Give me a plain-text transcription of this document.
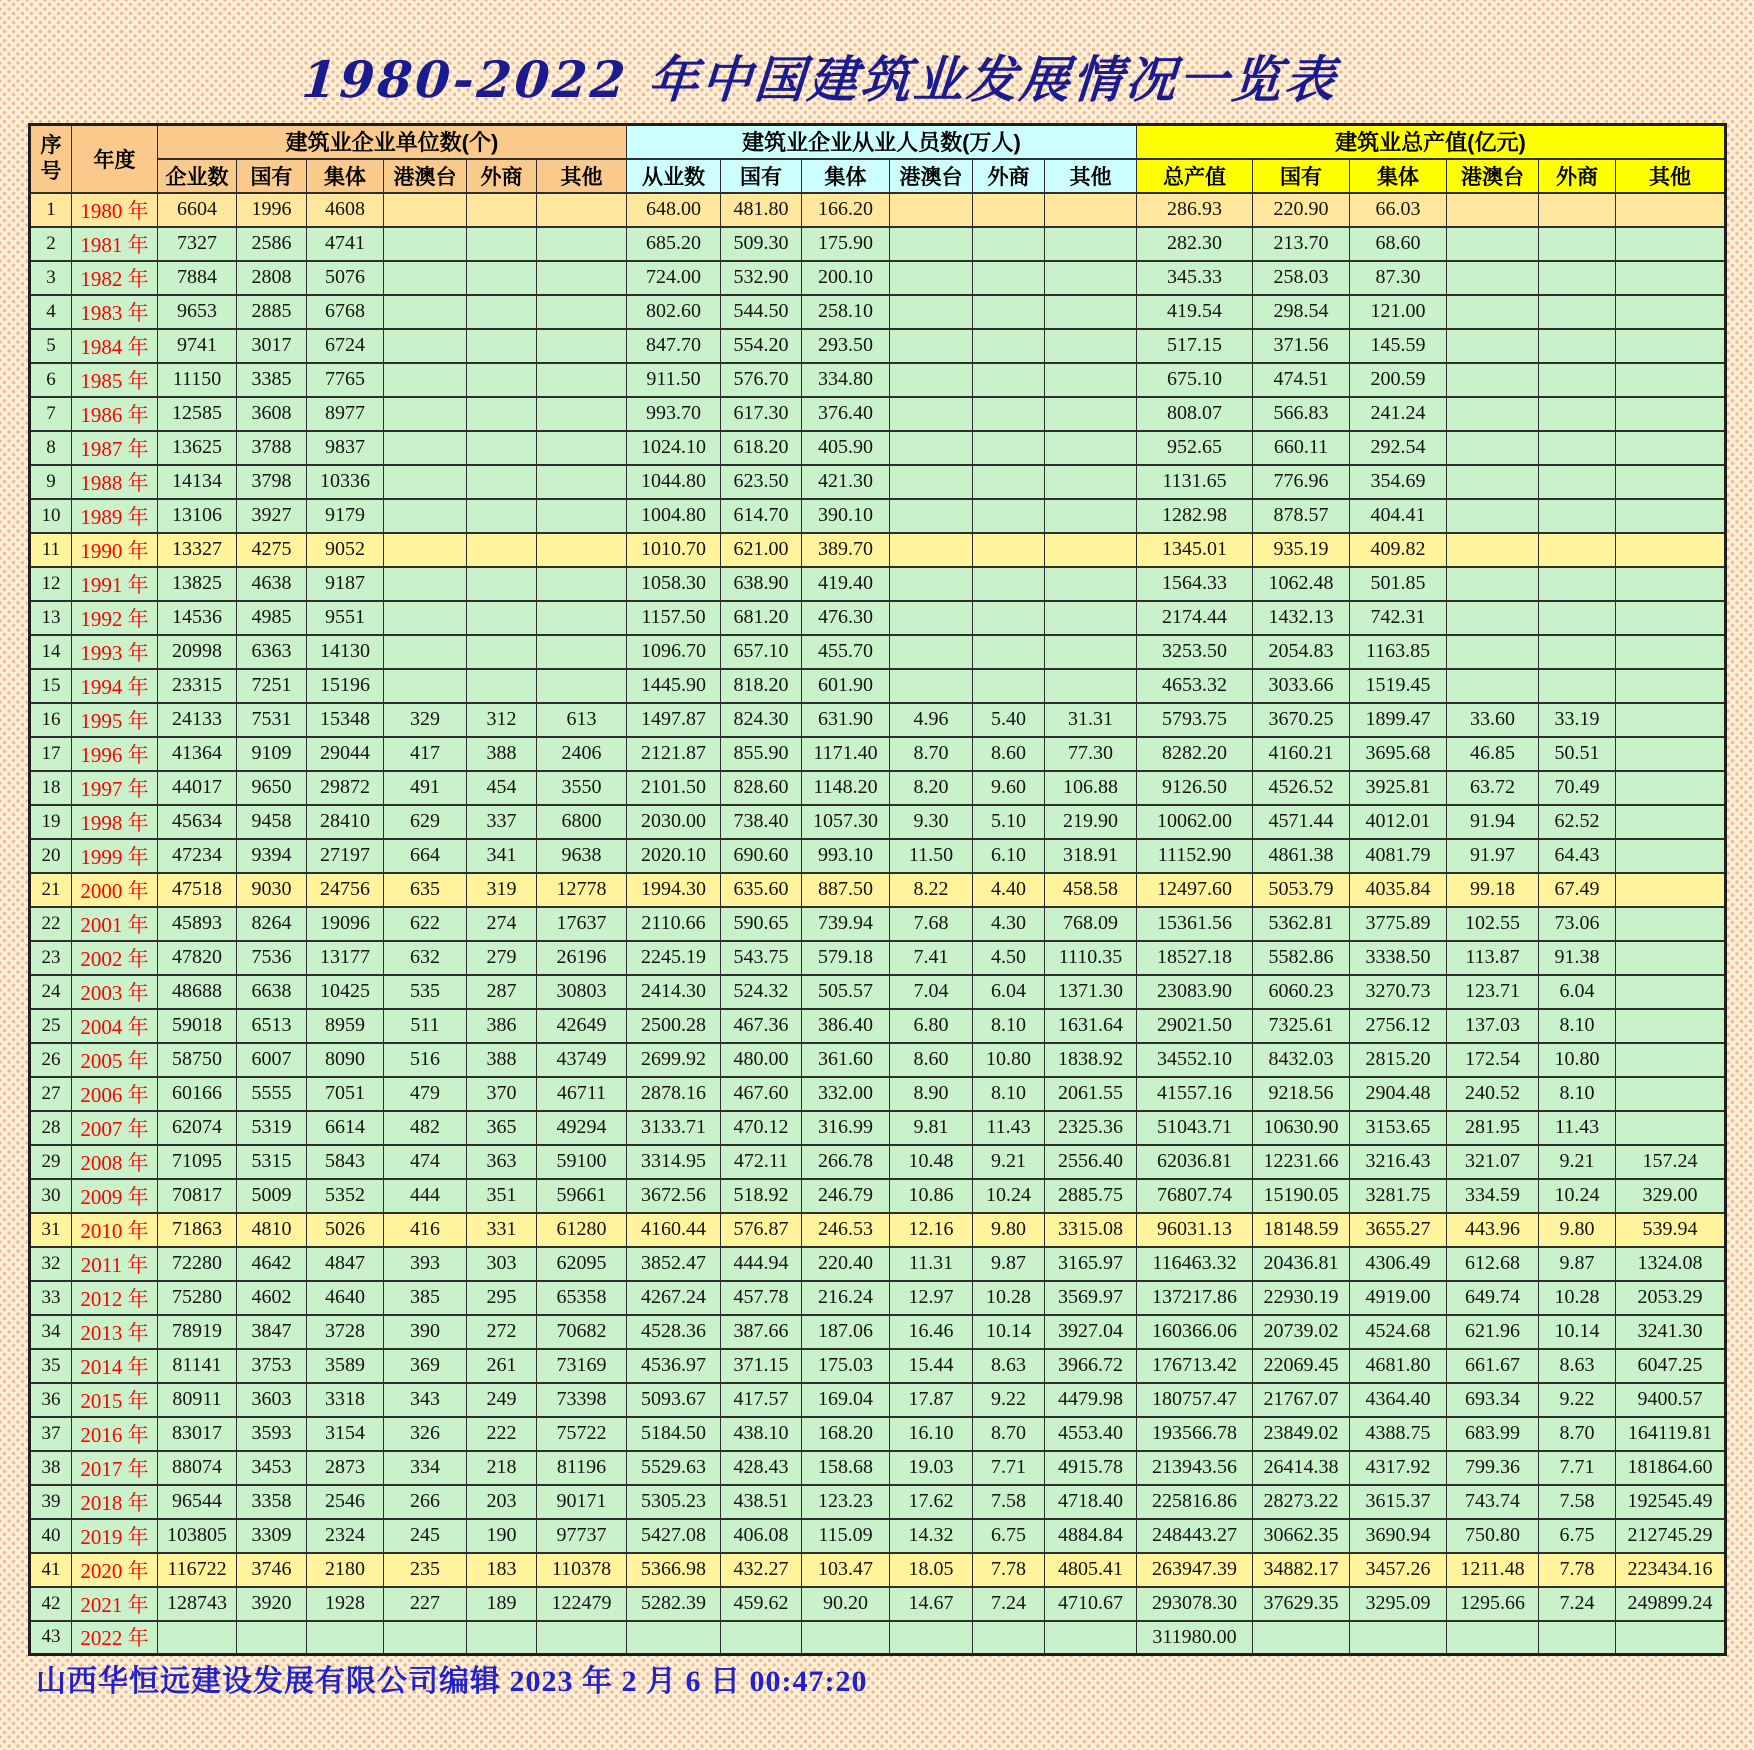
1980-2022 年中国建筑业发展情况一览表
序号	年度	建筑业企业单位数(个)						建筑业企业从业人员数(万人)						建筑业总产值(亿元)					
		企业数	国有	集体	港澳台	外商	其他	从业数	国有	集体	港澳台	外商	其他	总产值	国有	集体	港澳台	外商	其他
1	1980 年	6604	1996	4608				648.00	481.80	166.20				286.93	220.90	66.03			
2	1981 年	7327	2586	4741				685.20	509.30	175.90				282.30	213.70	68.60			
3	1982 年	7884	2808	5076				724.00	532.90	200.10				345.33	258.03	87.30			
4	1983 年	9653	2885	6768				802.60	544.50	258.10				419.54	298.54	121.00			
5	1984 年	9741	3017	6724				847.70	554.20	293.50				517.15	371.56	145.59			
6	1985 年	11150	3385	7765				911.50	576.70	334.80				675.10	474.51	200.59			
7	1986 年	12585	3608	8977				993.70	617.30	376.40				808.07	566.83	241.24			
8	1987 年	13625	3788	9837				1024.10	618.20	405.90				952.65	660.11	292.54			
9	1988 年	14134	3798	10336				1044.80	623.50	421.30				1131.65	776.96	354.69			
10	1989 年	13106	3927	9179				1004.80	614.70	390.10				1282.98	878.57	404.41			
11	1990 年	13327	4275	9052				1010.70	621.00	389.70				1345.01	935.19	409.82			
12	1991 年	13825	4638	9187				1058.30	638.90	419.40				1564.33	1062.48	501.85			
13	1992 年	14536	4985	9551				1157.50	681.20	476.30				2174.44	1432.13	742.31			
14	1993 年	20998	6363	14130				1096.70	657.10	455.70				3253.50	2054.83	1163.85			
15	1994 年	23315	7251	15196				1445.90	818.20	601.90				4653.32	3033.66	1519.45			
16	1995 年	24133	7531	15348	329	312	613	1497.87	824.30	631.90	4.96	5.40	31.31	5793.75	3670.25	1899.47	33.60	33.19	
17	1996 年	41364	9109	29044	417	388	2406	2121.87	855.90	1171.40	8.70	8.60	77.30	8282.20	4160.21	3695.68	46.85	50.51	
18	1997 年	44017	9650	29872	491	454	3550	2101.50	828.60	1148.20	8.20	9.60	106.88	9126.50	4526.52	3925.81	63.72	70.49	
19	1998 年	45634	9458	28410	629	337	6800	2030.00	738.40	1057.30	9.30	5.10	219.90	10062.00	4571.44	4012.01	91.94	62.52	
20	1999 年	47234	9394	27197	664	341	9638	2020.10	690.60	993.10	11.50	6.10	318.91	11152.90	4861.38	4081.79	91.97	64.43	
21	2000 年	47518	9030	24756	635	319	12778	1994.30	635.60	887.50	8.22	4.40	458.58	12497.60	5053.79	4035.84	99.18	67.49	
22	2001 年	45893	8264	19096	622	274	17637	2110.66	590.65	739.94	7.68	4.30	768.09	15361.56	5362.81	3775.89	102.55	73.06	
23	2002 年	47820	7536	13177	632	279	26196	2245.19	543.75	579.18	7.41	4.50	1110.35	18527.18	5582.86	3338.50	113.87	91.38	
24	2003 年	48688	6638	10425	535	287	30803	2414.30	524.32	505.57	7.04	6.04	1371.30	23083.90	6060.23	3270.73	123.71	6.04	
25	2004 年	59018	6513	8959	511	386	42649	2500.28	467.36	386.40	6.80	8.10	1631.64	29021.50	7325.61	2756.12	137.03	8.10	
26	2005 年	58750	6007	8090	516	388	43749	2699.92	480.00	361.60	8.60	10.80	1838.92	34552.10	8432.03	2815.20	172.54	10.80	
27	2006 年	60166	5555	7051	479	370	46711	2878.16	467.60	332.00	8.90	8.10	2061.55	41557.16	9218.56	2904.48	240.52	8.10	
28	2007 年	62074	5319	6614	482	365	49294	3133.71	470.12	316.99	9.81	11.43	2325.36	51043.71	10630.90	3153.65	281.95	11.43	
29	2008 年	71095	5315	5843	474	363	59100	3314.95	472.11	266.78	10.48	9.21	2556.40	62036.81	12231.66	3216.43	321.07	9.21	157.24
30	2009 年	70817	5009	5352	444	351	59661	3672.56	518.92	246.79	10.86	10.24	2885.75	76807.74	15190.05	3281.75	334.59	10.24	329.00
31	2010 年	71863	4810	5026	416	331	61280	4160.44	576.87	246.53	12.16	9.80	3315.08	96031.13	18148.59	3655.27	443.96	9.80	539.94
32	2011 年	72280	4642	4847	393	303	62095	3852.47	444.94	220.40	11.31	9.87	3165.97	116463.32	20436.81	4306.49	612.68	9.87	1324.08
33	2012 年	75280	4602	4640	385	295	65358	4267.24	457.78	216.24	12.97	10.28	3569.97	137217.86	22930.19	4919.00	649.74	10.28	2053.29
34	2013 年	78919	3847	3728	390	272	70682	4528.36	387.66	187.06	16.46	10.14	3927.04	160366.06	20739.02	4524.68	621.96	10.14	3241.30
35	2014 年	81141	3753	3589	369	261	73169	4536.97	371.15	175.03	15.44	8.63	3966.72	176713.42	22069.45	4681.80	661.67	8.63	6047.25
36	2015 年	80911	3603	3318	343	249	73398	5093.67	417.57	169.04	17.87	9.22	4479.98	180757.47	21767.07	4364.40	693.34	9.22	9400.57
37	2016 年	83017	3593	3154	326	222	75722	5184.50	438.10	168.20	16.10	8.70	4553.40	193566.78	23849.02	4388.75	683.99	8.70	164119.81
38	2017 年	88074	3453	2873	334	218	81196	5529.63	428.43	158.68	19.03	7.71	4915.78	213943.56	26414.38	4317.92	799.36	7.71	181864.60
39	2018 年	96544	3358	2546	266	203	90171	5305.23	438.51	123.23	17.62	7.58	4718.40	225816.86	28273.22	3615.37	743.74	7.58	192545.49
40	2019 年	103805	3309	2324	245	190	97737	5427.08	406.08	115.09	14.32	6.75	4884.84	248443.27	30662.35	3690.94	750.80	6.75	212745.29
41	2020 年	116722	3746	2180	235	183	110378	5366.98	432.27	103.47	18.05	7.78	4805.41	263947.39	34882.17	3457.26	1211.48	7.78	223434.16
42	2021 年	128743	3920	1928	227	189	122479	5282.39	459.62	90.20	14.67	7.24	4710.67	293078.30	37629.35	3295.09	1295.66	7.24	249899.24
43	2022 年													311980.00					
山西华恒远建设发展有限公司编辑 2023 年 2 月 6 日 00:47:20
